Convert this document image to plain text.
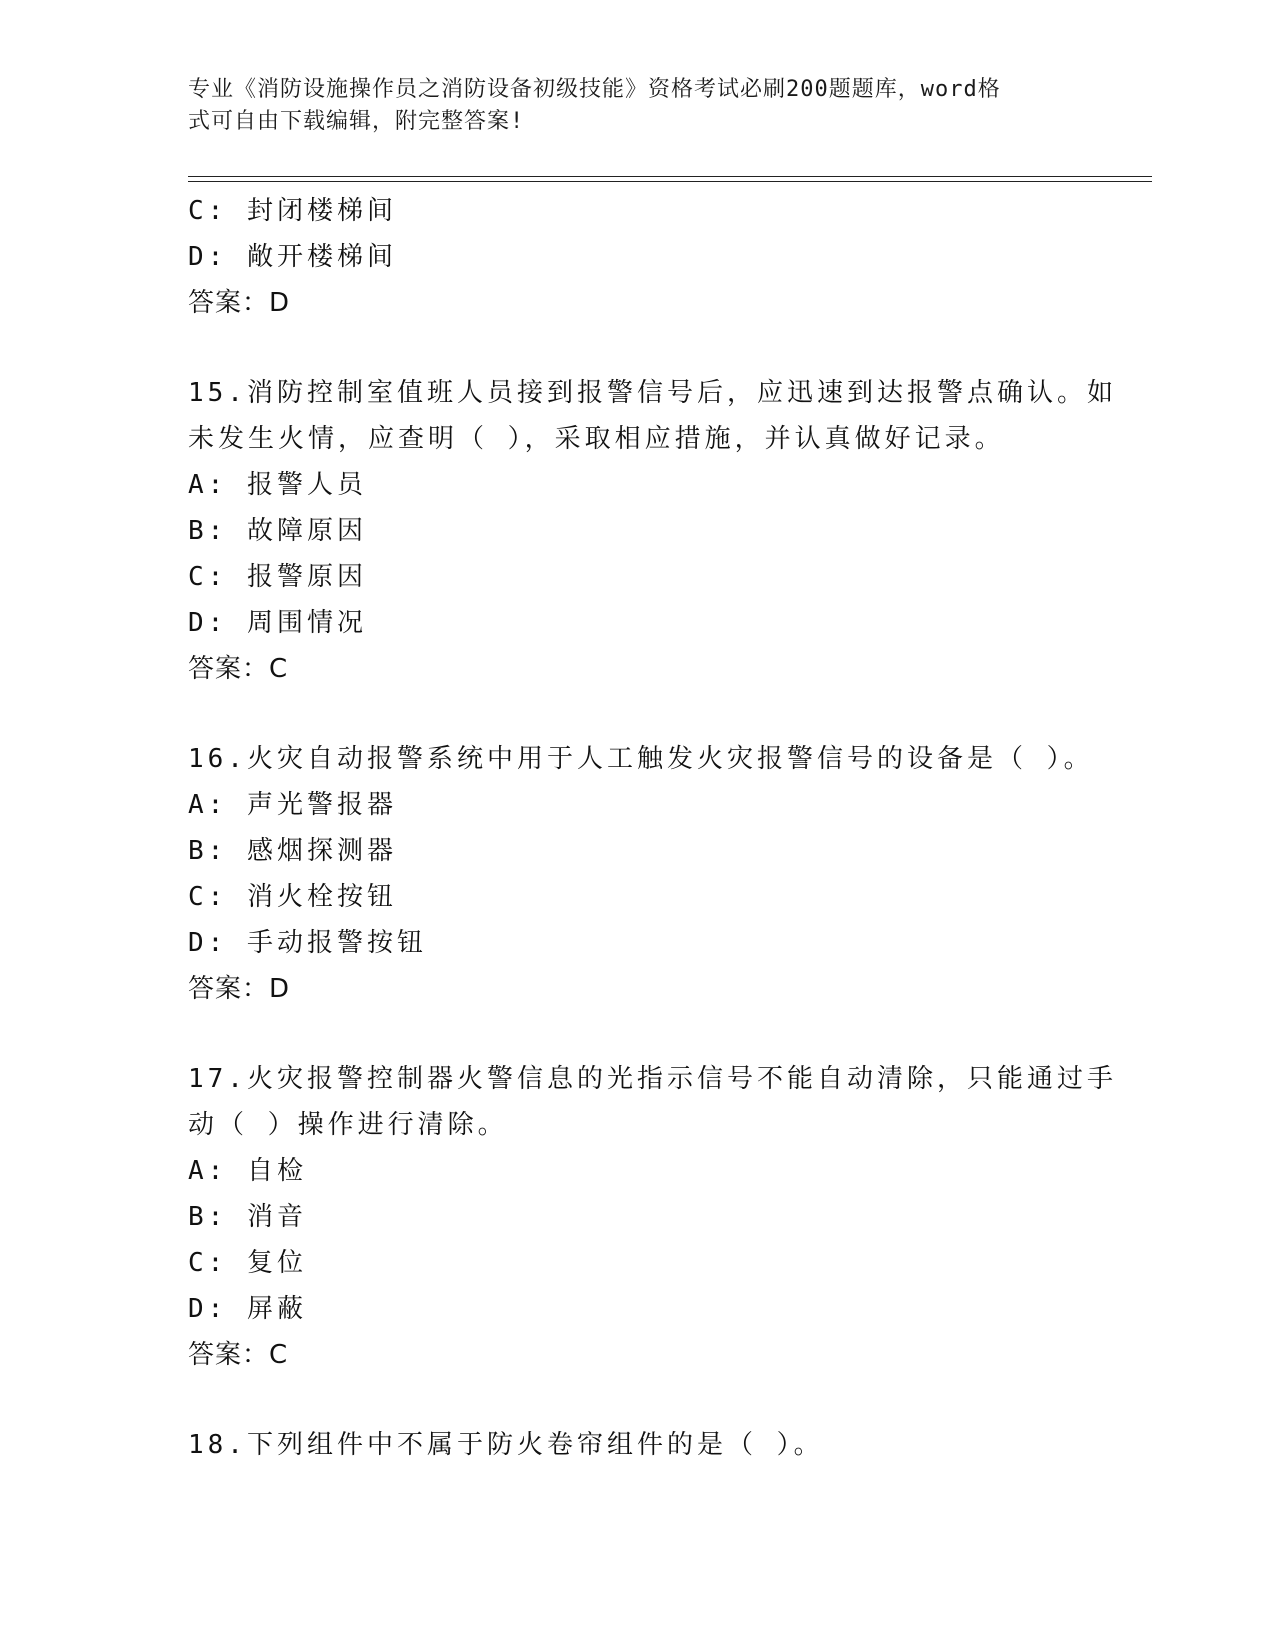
专业《消防设施操作员之消防设备初级技能》资格考试必刷200题题库，word格
式可自由下载编辑，附完整答案!
C: 封闭楼梯间
D: 敞开楼梯间
答案：D
15.消防控制室值班人员接到报警信号后，应迅速到达报警点确认。如
未发生火情，应查明（ ），采取相应措施，并认真做好记录。
A: 报警人员
B: 故障原因
C: 报警原因
D: 周围情况
答案：C
16.火灾自动报警系统中用于人工触发火灾报警信号的设备是（ ）。
A: 声光警报器
B: 感烟探测器
C: 消火栓按钮
D: 手动报警按钮
答案：D
17.火灾报警控制器火警信息的光指示信号不能自动清除，只能通过手
动（ ）操作进行清除。
A: 自检
B: 消音
C: 复位
D: 屏蔽
答案：C
18.下列组件中不属于防火卷帘组件的是（ ）。
